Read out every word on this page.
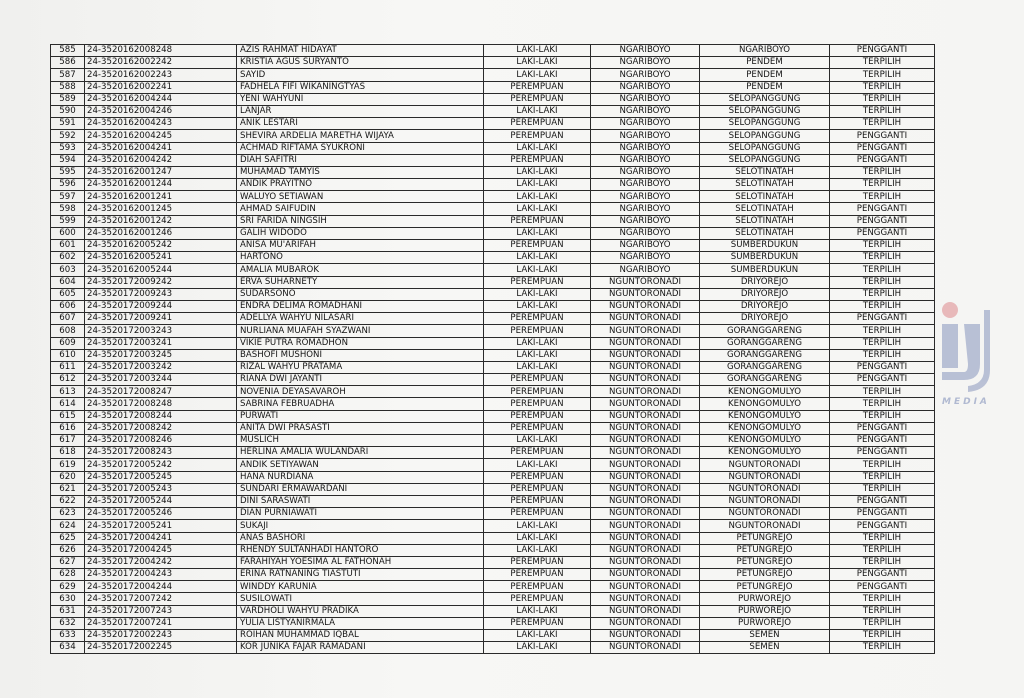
585	24-3520162008248	AZIS RAHMAT HIDAYAT	LAKI-LAKI	NGARIBOYO	NGARIBOYO	PENGGANTI
586	24-3520162002242	KRISTIA AGUS SURYANTO	LAKI-LAKI	NGARIBOYO	PENDEM	TERPILIH
587	24-3520162002243	SAYID	LAKI-LAKI	NGARIBOYO	PENDEM	TERPILIH
588	24-3520162002241	FADHELA FIFI WIKANINGTYAS	PEREMPUAN	NGARIBOYO	PENDEM	TERPILIH
589	24-3520162004244	YENI WAHYUNI	PEREMPUAN	NGARIBOYO	SELOPANGGUNG	TERPILIH
590	24-3520162004246	LANJAR	LAKI-LAKI	NGARIBOYO	SELOPANGGUNG	TERPILIH
591	24-3520162004243	ANIK LESTARI	PEREMPUAN	NGARIBOYO	SELOPANGGUNG	TERPILIH
592	24-3520162004245	SHEVIRA ARDELIA MARETHA WIJAYA	PEREMPUAN	NGARIBOYO	SELOPANGGUNG	PENGGANTI
593	24-3520162004241	ACHMAD RIFTAMA SYUKRONI	LAKI-LAKI	NGARIBOYO	SELOPANGGUNG	PENGGANTI
594	24-3520162004242	DIAH SAFITRI	PEREMPUAN	NGARIBOYO	SELOPANGGUNG	PENGGANTI
595	24-3520162001247	MUHAMAD TAMYIS	LAKI-LAKI	NGARIBOYO	SELOTINATAH	TERPILIH
596	24-3520162001244	ANDIK PRAYITNO	LAKI-LAKI	NGARIBOYO	SELOTINATAH	TERPILIH
597	24-3520162001241	WALUYO SETIAWAN	LAKI-LAKI	NGARIBOYO	SELOTINATAH	TERPILIH
598	24-3520162001245	AHMAD SAIFUDIN	LAKI-LAKI	NGARIBOYO	SELOTINATAH	PENGGANTI
599	24-3520162001242	SRI FARIDA NINGSIH	PEREMPUAN	NGARIBOYO	SELOTINATAH	PENGGANTI
600	24-3520162001246	GALIH WIDODO	LAKI-LAKI	NGARIBOYO	SELOTINATAH	PENGGANTI
601	24-3520162005242	ANISA MU'ARIFAH	PEREMPUAN	NGARIBOYO	SUMBERDUKUN	TERPILIH
602	24-3520162005241	HARTONO	LAKI-LAKI	NGARIBOYO	SUMBERDUKUN	TERPILIH
603	24-3520162005244	AMALIA MUBAROK	LAKI-LAKI	NGARIBOYO	SUMBERDUKUN	TERPILIH
604	24-3520172009242	ERVA SUHARNETY	PEREMPUAN	NGUNTORONADI	DRIYOREJO	TERPILIH
605	24-3520172009243	SUDARSONO	LAKI-LAKI	NGUNTORONADI	DRIYOREJO	TERPILIH
606	24-3520172009244	ENDRA DELIMA ROMADHANI	LAKI-LAKI	NGUNTORONADI	DRIYOREJO	TERPILIH
607	24-3520172009241	ADELLYA WAHYU NILASARI	PEREMPUAN	NGUNTORONADI	DRIYOREJO	PENGGANTI
608	24-3520172003243	NURLIANA MUAFAH SYAZWANI	PEREMPUAN	NGUNTORONADI	GORANGGARENG	TERPILIH
609	24-3520172003241	VIKIE PUTRA ROMADHON	LAKI-LAKI	NGUNTORONADI	GORANGGARENG	TERPILIH
610	24-3520172003245	BASHOFI MUSHONI	LAKI-LAKI	NGUNTORONADI	GORANGGARENG	TERPILIH
611	24-3520172003242	RIZAL WAHYU PRATAMA	LAKI-LAKI	NGUNTORONADI	GORANGGARENG	PENGGANTI
612	24-3520172003244	RIANA DWI JAYANTI	PEREMPUAN	NGUNTORONADI	GORANGGARENG	PENGGANTI
613	24-3520172008247	NOVENIA DEYASAVAROH	PEREMPUAN	NGUNTORONADI	KENONGOMULYO	TERPILIH
614	24-3520172008248	SABRINA FEBRUADHA	PEREMPUAN	NGUNTORONADI	KENONGOMULYO	TERPILIH
615	24-3520172008244	PURWATI	PEREMPUAN	NGUNTORONADI	KENONGOMULYO	TERPILIH
616	24-3520172008242	ANITA DWI PRASASTI	PEREMPUAN	NGUNTORONADI	KENONGOMULYO	PENGGANTI
617	24-3520172008246	MUSLICH	LAKI-LAKI	NGUNTORONADI	KENONGOMULYO	PENGGANTI
618	24-3520172008243	HERLINA AMALIA WULANDARI	PEREMPUAN	NGUNTORONADI	KENONGOMULYO	PENGGANTI
619	24-3520172005242	ANDIK SETIYAWAN	LAKI-LAKI	NGUNTORONADI	NGUNTORONADI	TERPILIH
620	24-3520172005245	HANA NURDIANA	PEREMPUAN	NGUNTORONADI	NGUNTORONADI	TERPILIH
621	24-3520172005243	SUNDARI ERMAWARDANI	PEREMPUAN	NGUNTORONADI	NGUNTORONADI	TERPILIH
622	24-3520172005244	DINI SARASWATI	PEREMPUAN	NGUNTORONADI	NGUNTORONADI	PENGGANTI
623	24-3520172005246	DIAN PURNIAWATI	PEREMPUAN	NGUNTORONADI	NGUNTORONADI	PENGGANTI
624	24-3520172005241	SUKAJI	LAKI-LAKI	NGUNTORONADI	NGUNTORONADI	PENGGANTI
625	24-3520172004241	ANAS BASHORI	LAKI-LAKI	NGUNTORONADI	PETUNGREJO	TERPILIH
626	24-3520172004245	RHENDY SULTANHADI HANTORO	LAKI-LAKI	NGUNTORONADI	PETUNGREJO	TERPILIH
627	24-3520172004242	FARAHIYAH YOESIMA AL FATHONAH	PEREMPUAN	NGUNTORONADI	PETUNGREJO	TERPILIH
628	24-3520172004243	ERINA RATNANING TIASTUTI	PEREMPUAN	NGUNTORONADI	PETUNGREJO	PENGGANTI
629	24-3520172004244	WINDDY KARUNIA	PEREMPUAN	NGUNTORONADI	PETUNGREJO	PENGGANTI
630	24-3520172007242	SUSILOWATI	PEREMPUAN	NGUNTORONADI	PURWOREJO	TERPILIH
631	24-3520172007243	VARDHOLI WAHYU PRADIKA	LAKI-LAKI	NGUNTORONADI	PURWOREJO	TERPILIH
632	24-3520172007241	YULIA LISTYANIRMALA	PEREMPUAN	NGUNTORONADI	PURWOREJO	TERPILIH
633	24-3520172002243	ROIHAN MUHAMMAD IQBAL	LAKI-LAKI	NGUNTORONADI	SEMEN	TERPILIH
634	24-3520172002245	KOR JUNIKA FAJAR RAMADANI	LAKI-LAKI	NGUNTORONADI	SEMEN	TERPILIH
MEDIA
